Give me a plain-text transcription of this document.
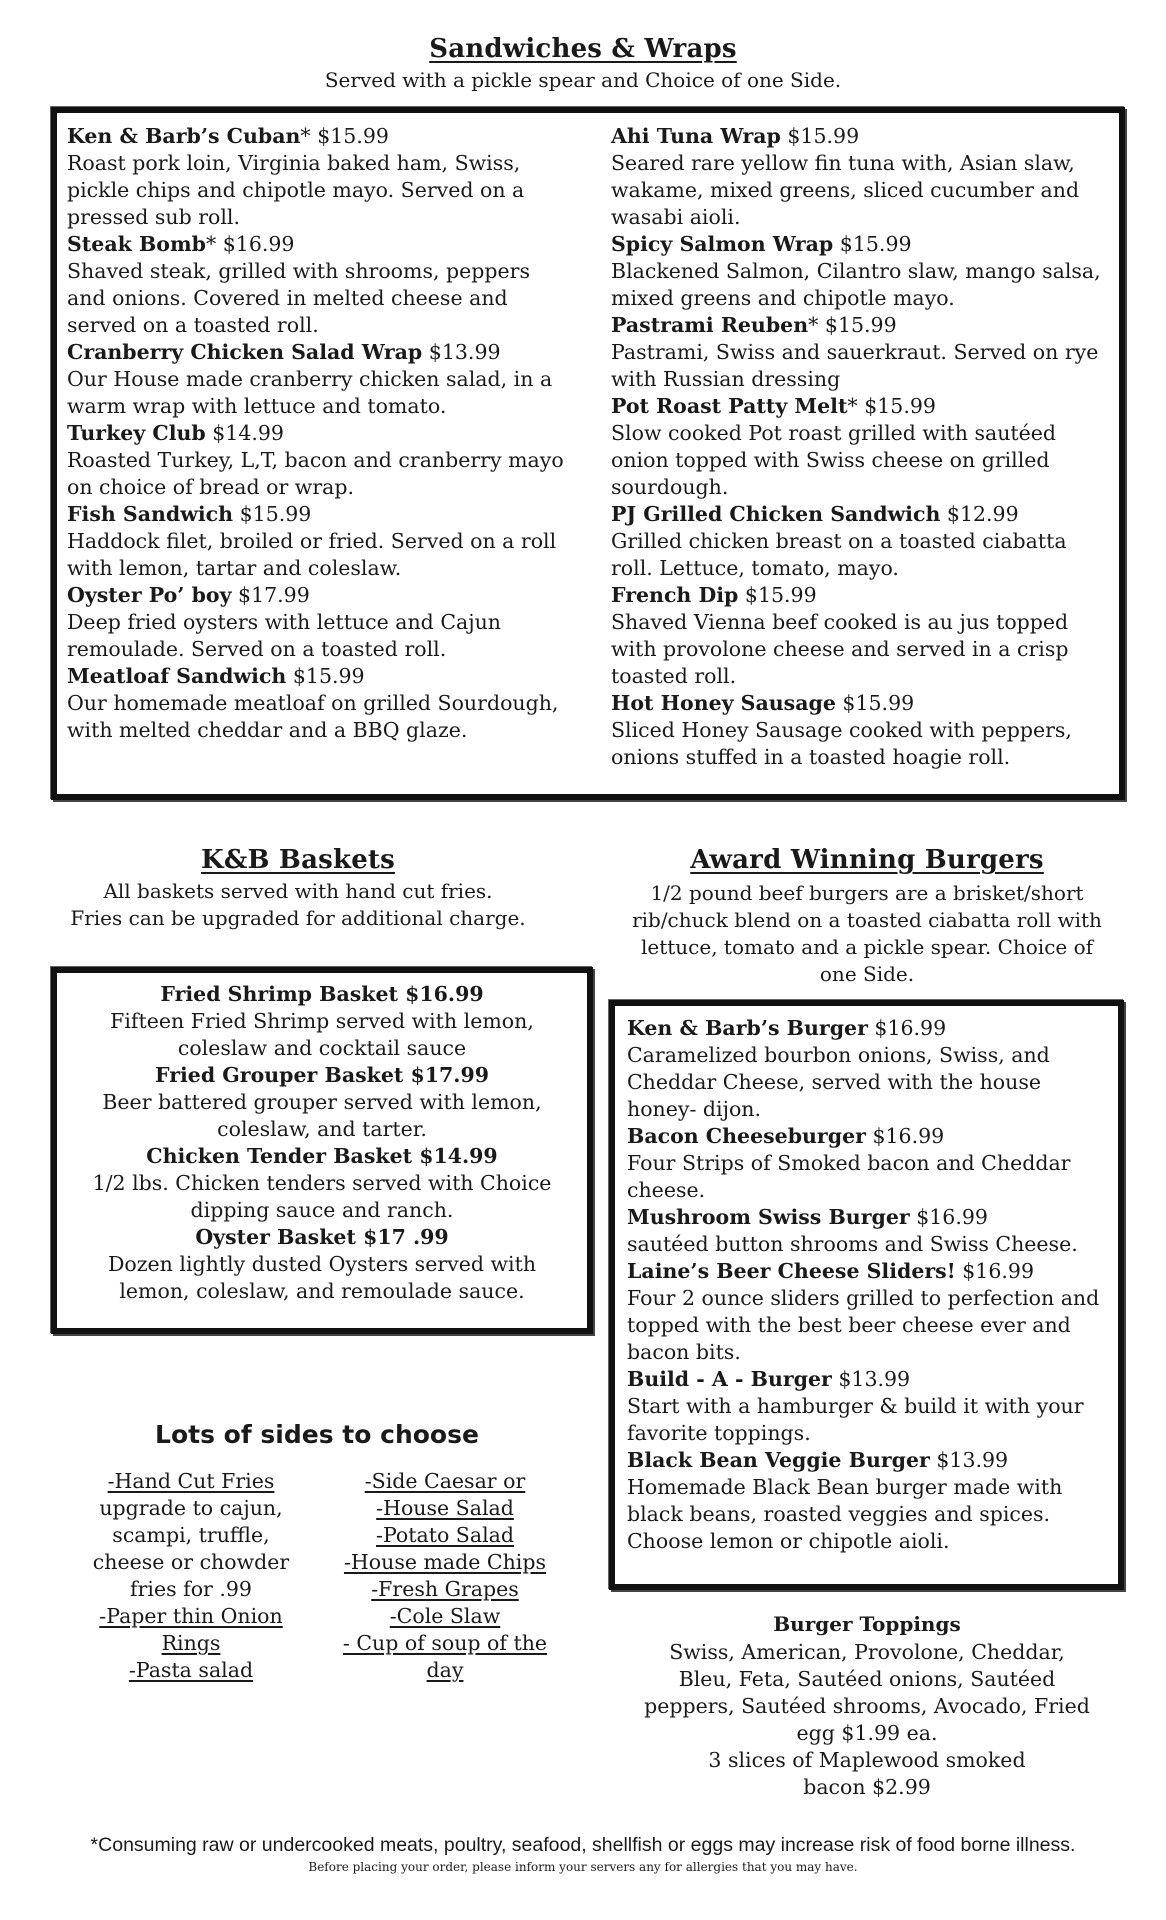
Sandwiches & Wraps
Served with a pickle spear and Choice of one Side.
Ken & Barb’s Cuban* $15.99
Roast pork loin, Virginia baked ham, Swiss, pickle chips and chipotle mayo. Served on a pressed sub roll.
Steak Bomb* $16.99
Shaved steak, grilled with shrooms, peppers and onions. Covered in melted cheese and served on a toasted roll.
Cranberry Chicken Salad Wrap $13.99
Our House made cranberry chicken salad, in a warm wrap with lettuce and tomato.
Turkey Club $14.99
Roasted Turkey, L,T, bacon and cranberry mayo on choice of bread or wrap.
Fish Sandwich $15.99
Haddock filet, broiled or fried. Served on a roll with lemon, tartar and coleslaw.
Oyster Po’ boy $17.99
Deep fried oysters with lettuce and Cajun remoulade. Served on a toasted roll.
Meatloaf Sandwich $15.99
Our homemade meatloaf on grilled Sourdough, with melted cheddar and a BBQ glaze.
Ahi Tuna Wrap $15.99
Seared rare yellow fin tuna with, Asian slaw, wakame, mixed greens, sliced cucumber and wasabi aioli.
Spicy Salmon Wrap $15.99
Blackened Salmon, Cilantro slaw, mango salsa, mixed greens and chipotle mayo.
Pastrami Reuben* $15.99
Pastrami, Swiss and sauerkraut. Served on rye with Russian dressing
Pot Roast Patty Melt* $15.99
Slow cooked Pot roast grilled with sautéed onion topped with Swiss cheese on grilled sourdough.
PJ Grilled Chicken Sandwich $12.99
Grilled chicken breast on a toasted ciabatta roll. Lettuce, tomato, mayo.
French Dip $15.99
Shaved Vienna beef cooked is au jus topped with provolone cheese and served in a crisp toasted roll.
Hot Honey Sausage $15.99
Sliced Honey Sausage cooked with peppers, onions stuffed in a toasted hoagie roll.
K&B Baskets
All baskets served with hand cut fries.
Fries can be upgraded for additional charge.
Fried Shrimp Basket $16.99
Fifteen Fried Shrimp served with lemon, coleslaw and cocktail sauce
Fried Grouper Basket $17.99
Beer battered grouper served with lemon, coleslaw, and tarter.
Chicken Tender Basket $14.99
1/2 lbs. Chicken tenders served with Choice dipping sauce and ranch.
Oyster Basket $17 .99
Dozen lightly dusted Oysters served with lemon, coleslaw, and remoulade sauce.
Lots of sides to choose
-Hand Cut Fries
upgrade to cajun, scampi, truffle, cheese or chowder fries for .99
-Paper thin Onion Rings
-Pasta salad
-Side Caesar or
-House Salad
-Potato Salad
-House made Chips
-Fresh Grapes
-Cole Slaw
- Cup of soup of the day
Award Winning Burgers
1/2 pound beef burgers are a brisket/short rib/chuck blend on a toasted ciabatta roll with lettuce, tomato and a pickle spear. Choice of one Side.
Ken & Barb’s Burger $16.99
Caramelized bourbon onions, Swiss, and Cheddar Cheese, served with the house honey- dijon.
Bacon Cheeseburger $16.99
Four Strips of Smoked bacon and Cheddar cheese.
Mushroom Swiss Burger $16.99
sautéed button shrooms and Swiss Cheese.
Laine’s Beer Cheese Sliders! $16.99
Four 2 ounce sliders grilled to perfection and topped with the best beer cheese ever and bacon bits.
Build - A - Burger $13.99
Start with a hamburger & build it with your favorite toppings.
Black Bean Veggie Burger $13.99
Homemade Black Bean burger made with black beans, roasted veggies and spices. Choose lemon or chipotle aioli.
Burger Toppings
Swiss, American, Provolone, Cheddar, Bleu, Feta, Sautéed onions, Sautéed peppers, Sautéed shrooms, Avocado, Fried egg $1.99 ea.
3 slices of Maplewood smoked bacon $2.99
*Consuming raw or undercooked meats, poultry, seafood, shellfish or eggs may increase risk of food borne illness.
Before placing your order, please inform your servers any for allergies that you may have.
